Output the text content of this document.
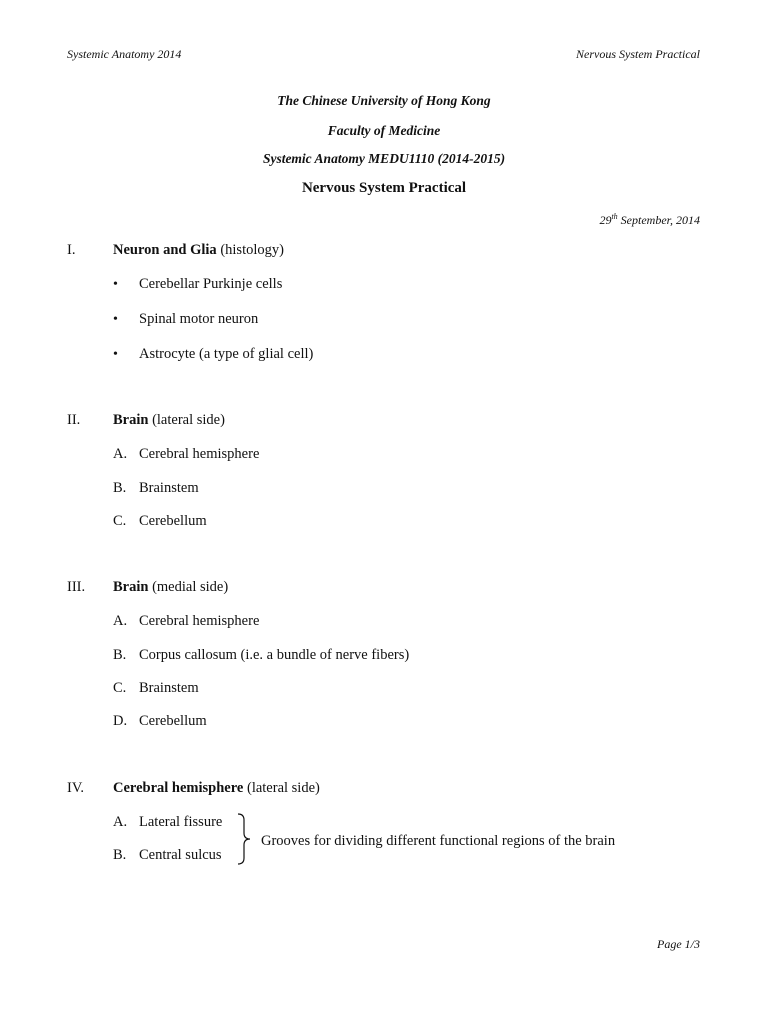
Systemic Anatomy 2014	Nervous System Practical
The Chinese University of Hong Kong
Faculty of Medicine
Systemic Anatomy MEDU1110 (2014-2015)
Nervous System Practical
29th September, 2014
I.	Neuron and Glia (histology)
• Cerebellar Purkinje cells
• Spinal motor neuron
• Astrocyte (a type of glial cell)
II. Brain (lateral side)
A. Cerebral hemisphere
B. Brainstem
C. Cerebellum
III. Brain (medial side)
A. Cerebral hemisphere
B. Corpus callosum (i.e. a bundle of nerve fibers)
C. Brainstem
D. Cerebellum
IV. Cerebral hemisphere (lateral side)
A. Lateral fissure
B. Central sulcus
Grooves for dividing different functional regions of the brain
Page 1/3
